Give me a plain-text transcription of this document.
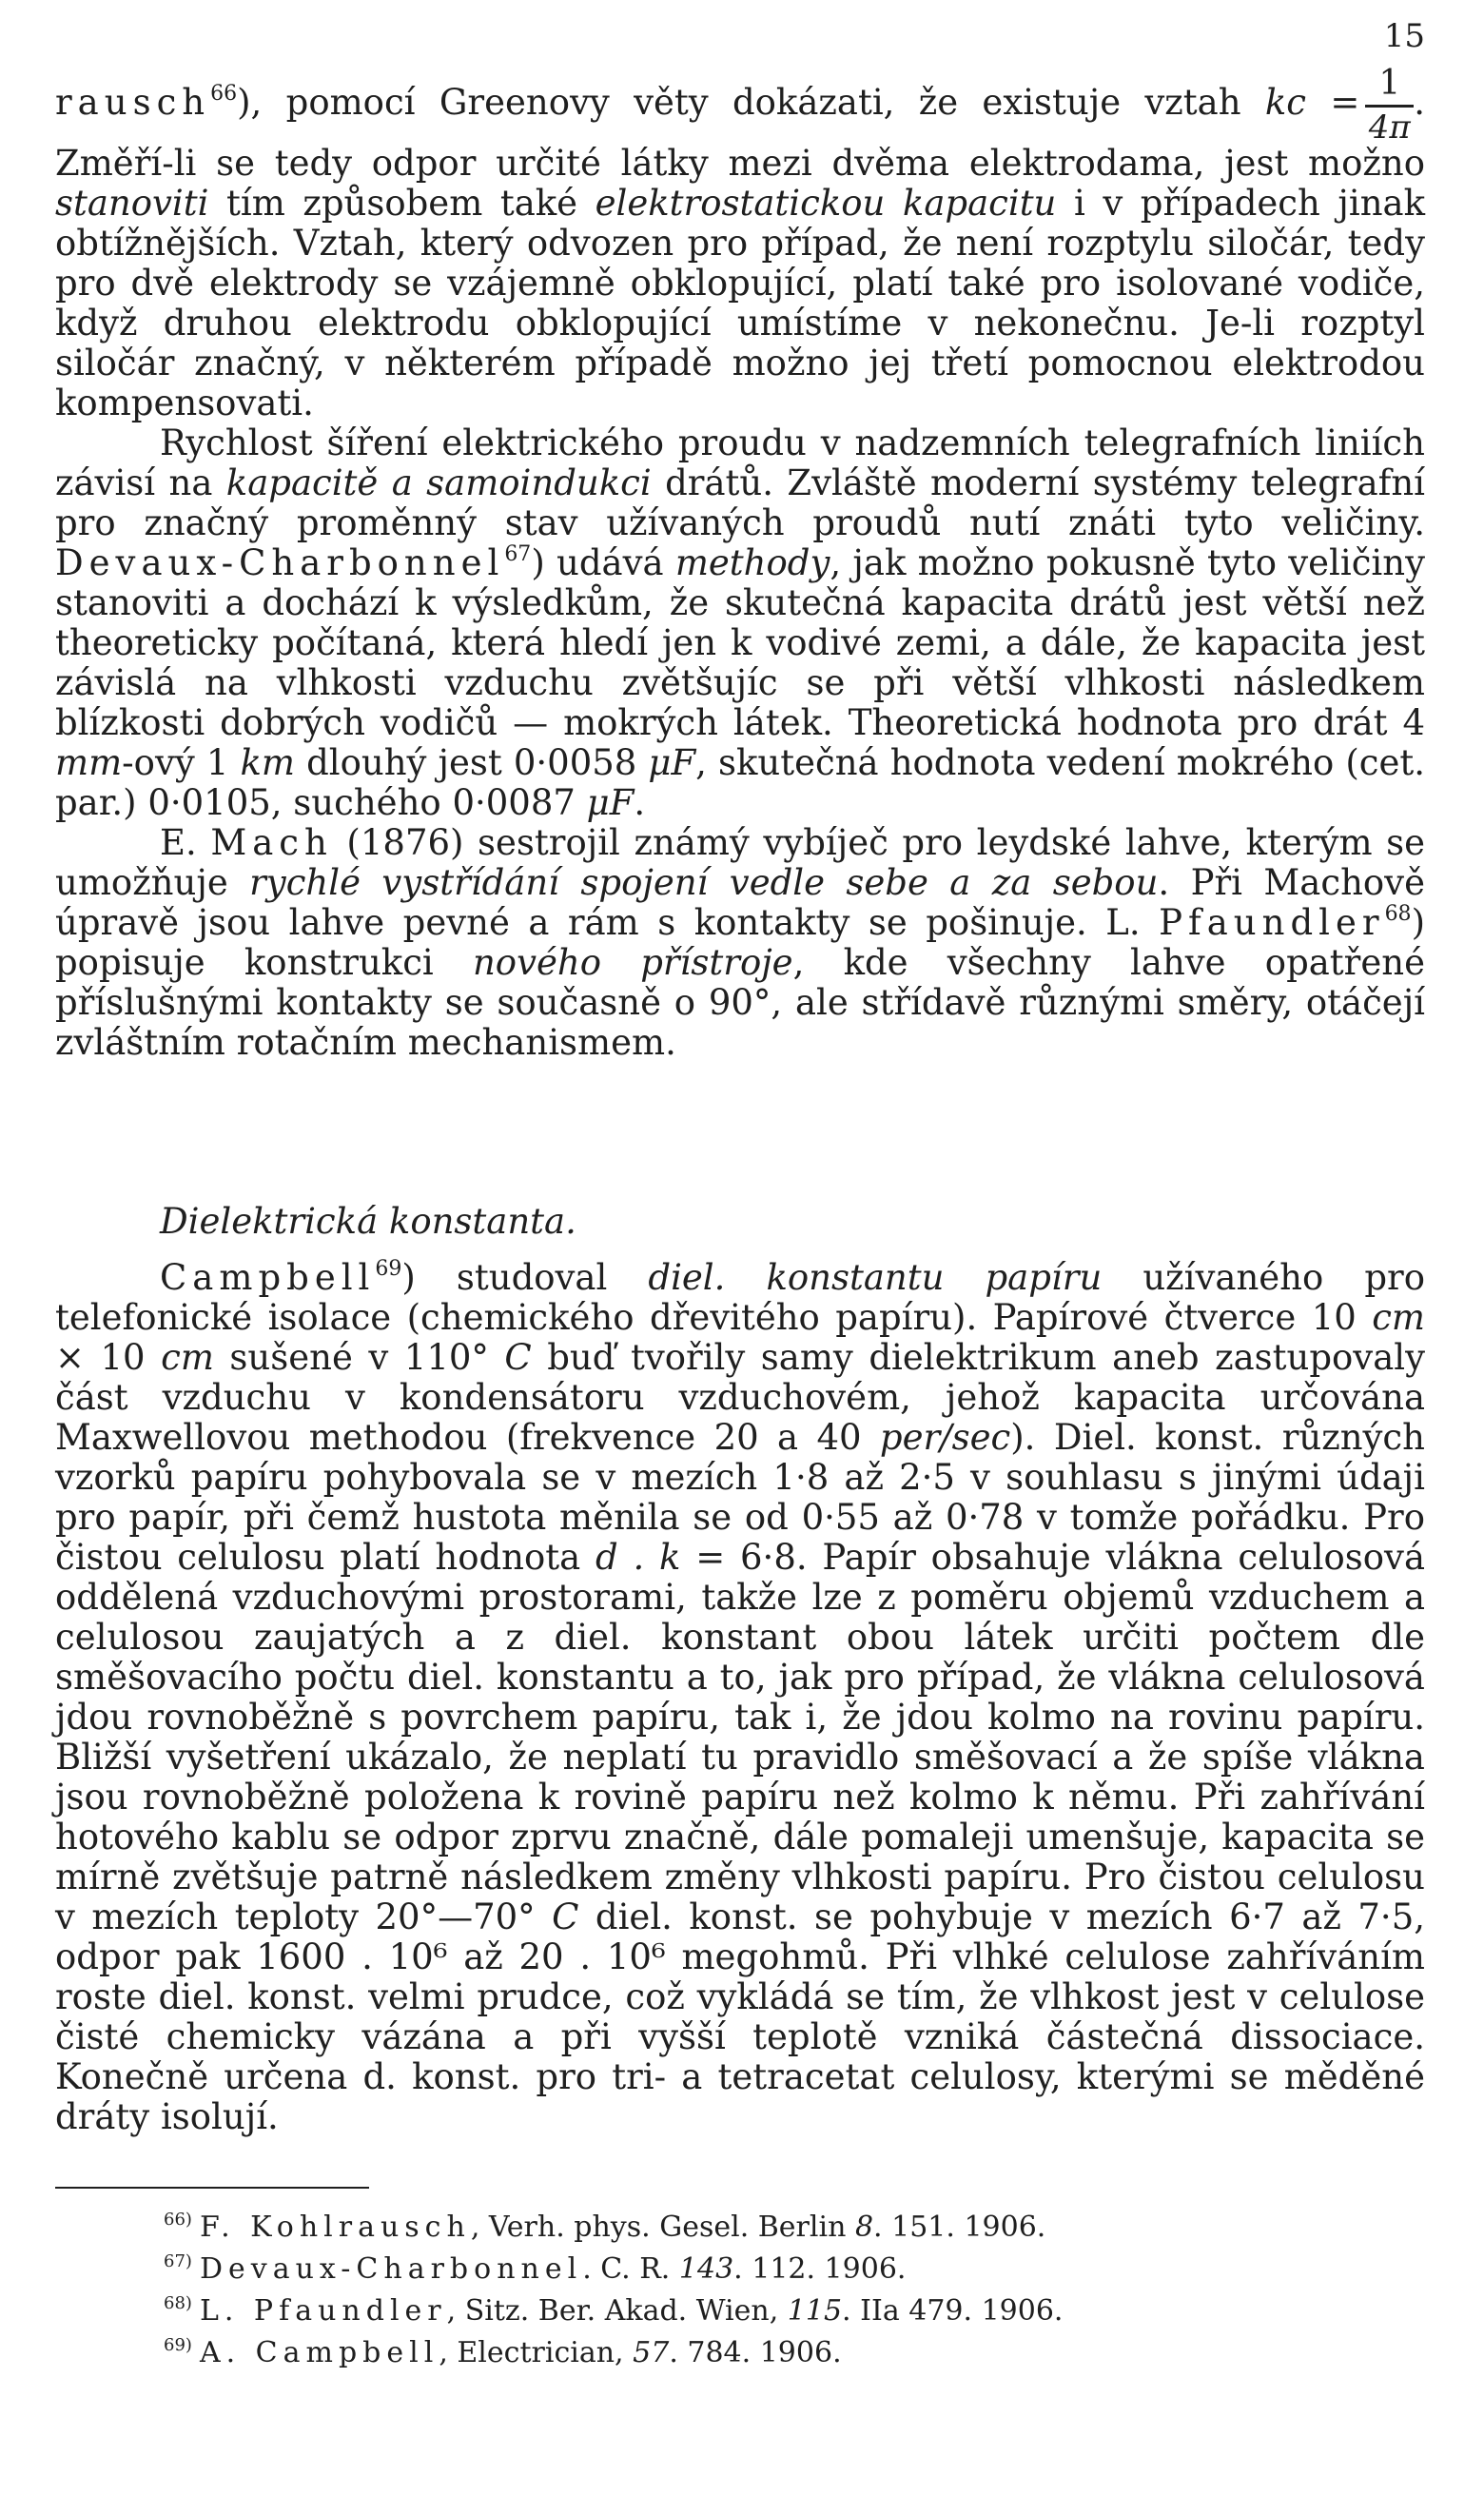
15

rausch$^{66}$), pomocí Greenovy věty dokázati, že existuje vztah kc = $\frac{1}{4\pi}$ . Změří-li se tedy odpor určité látky mezi dvěma elektrodama, jest možno stanoviti tím způsobem také elektrostatickou kapacitu i v případech jinak obtížnějších. Vztah, který odvozen pro případ, že není rozptylu siločár, tedy pro dvě elektrody se vzájemně obklopující, platí také pro isolované vodiče, když druhou elektrodu obklopující umístíme v nekonečnu. Je-li rozptyl siločár značný, v některém případě možno jej třetí pomocnou elektrodou kompensovati.

Rychlost šíření elektrického proudu v nadzemních telegrafních liniích závisí na kapacitě a samoindukci drátů. Zvláště moderní systémy telegrafní pro značný proměnný stav užívaných proudů nutí znáti tyto veličiny. Devaux-Charbonnel$^{67}$) udává methody, jak možno pokusně tyto veličiny stanoviti a dochází k výsledkům, že skutečná kapacita drátů jest větší než theoreticky počítaná, která hledí jen k vodivé zemi, a dále, že kapacita jest závislá na vlhkosti vzduchu zvětšujíc se při větší vlhkosti následkem blízkosti dobrých vodičů — mokrých látek. Theoretická hodnota pro drát 4 mm-ový 1 km dlouhý jest 0·0058 μF, skutečná hodnota vedení mokrého (cet. par.) 0·0105, suchého 0·0087 μF.

E. Mach (1876) sestrojil známý vybíječ pro leydské lahve, kterým se umožňuje rychlé vystřídání spojení vedle sebe a za sebou. Při Machově úpravě jsou lahve pevné a rám s kontakty se pošinuje. L. Pfaundler$^{68}$) popisuje konstrukci nového přístroje, kde všechny lahve opatřené příslušnými kontakty se současně o 90°, ale střídavě různými směry, otáčejí zvláštním rotačním mechanismem.

Dielektrická konstanta.

Campbell$^{69}$) studoval diel. konstantu papíru užívaného pro telefonické isolace (chemického dřevitého papíru). Papírové čtverce 10 cm × 10 cm sušené v 110° C buď tvořily samy dielektrikum aneb zastupovaly část vzduchu v kondensátoru vzduchovém, jehož kapacita určována Maxwellovou methodou (frekvence 20 a 40 per/sec). Diel. konst. různých vzorků papíru pohybovala se v mezích 1·8 až 2·5 v souhlasu s jinými údaji pro papír, při čemž hustota měnila se od 0·55 až 0·78 v tomže pořádku. Pro čistou celulosu platí hodnota d . k = 6·8. Papír obsahuje vlákna celulosová oddělená vzduchovými prostorami, takže lze z poměru objemů vzduchem a celulosou zaujatých a z diel. konstant obou látek určiti počtem dle směšovacího počtu diel. konstantu a to, jak pro případ, že vlákna celulosová jdou rovnoběžně s povrchem papíru, tak i, že jdou kolmo na rovinu papíru. Bližší vyšetření ukázalo, že neplatí tu pravidlo směšovací a že spíše vlákna jsou rovnoběžně položena k rovině papíru než kolmo k němu. Při zahřívání hotového kablu se odpor zprvu značně, dále pomaleji umenšuje, kapacita se mírně zvětšuje patrně následkem změny vlhkosti papíru. Pro čistou celulosu v mezích teploty 20°—70° C diel. konst. se pohybuje v mezích 6·7 až 7·5, odpor pak 1600 . 10⁶ až 20 . 10⁶ megohmů. Při vlhké celulose zahříváním roste diel. konst. velmi prudce, což vykládá se tím, že vlhkost jest v celulose čisté chemicky vázána a při vyšší teplotě vzniká částečná dissociace. Konečně určena d. konst. pro tri- a tetracetat celulosy, kterými se měděné dráty isolují.

$^{66)}$ F. Kohlrausch, Verh. phys. Gesel. Berlin 8. 151. 1906.
$^{67)}$ Devaux-Charbonnel. C. R. 143. 112. 1906.
$^{68)}$ L. Pfaundler, Sitz. Ber. Akad. Wien, 115. IIa 479. 1906.
$^{69)}$ A. Campbell, Electrician, 57. 784. 1906.
